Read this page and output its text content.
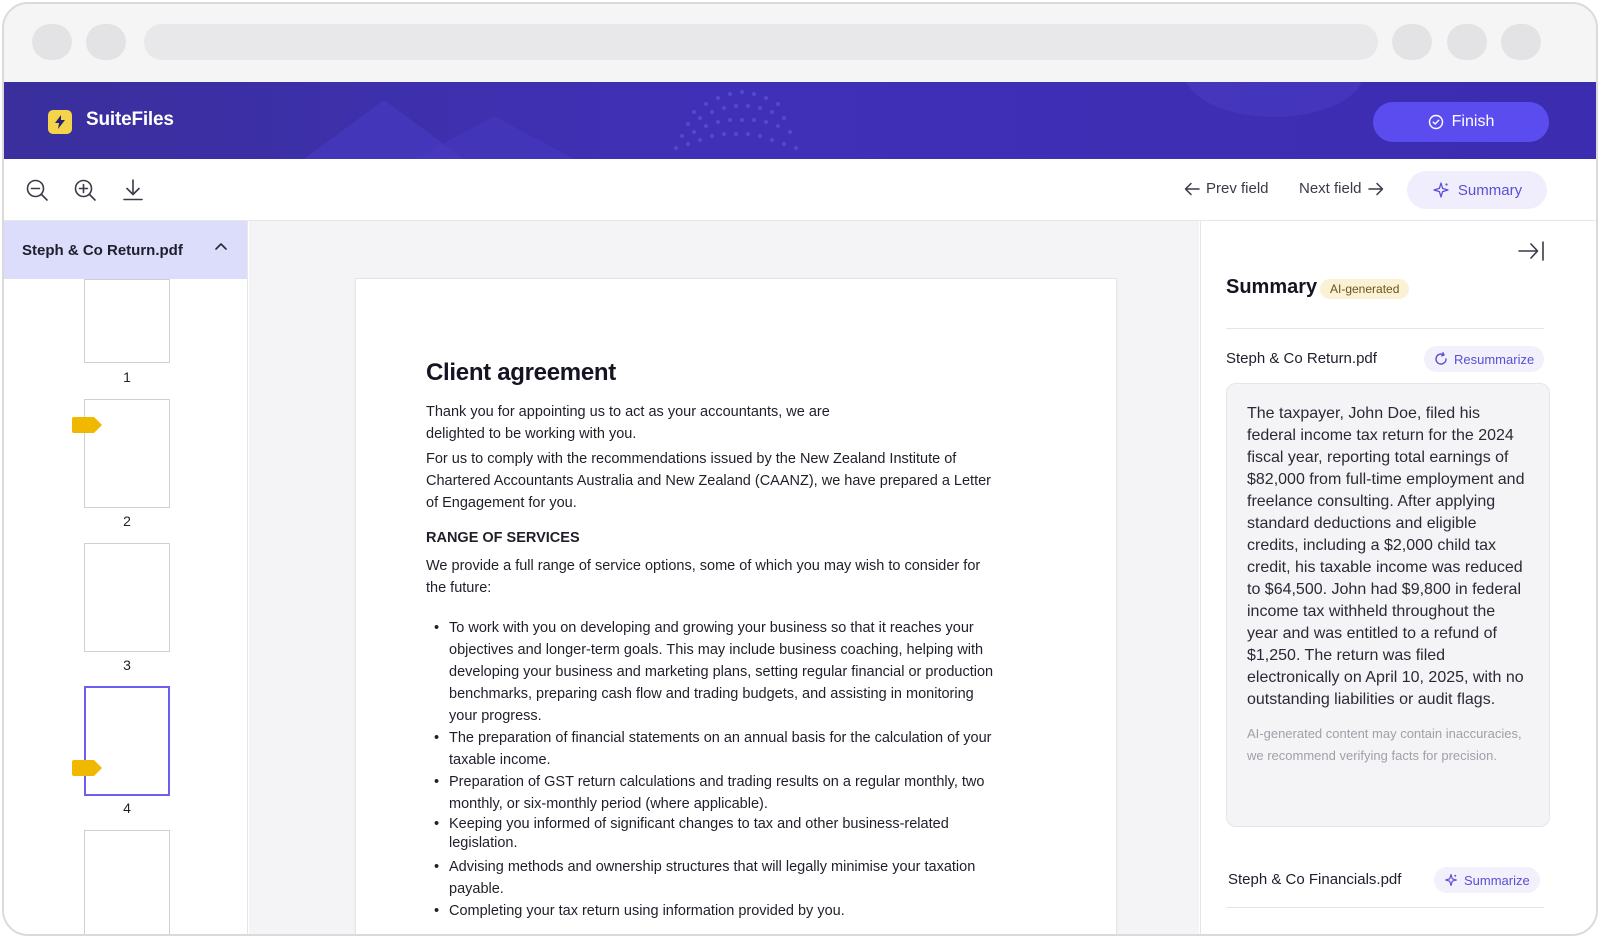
SuiteFiles	Finish
Prev field Next field	Summary
Steph & Co Return.pdf
1
2
3
4
Client agreement

Thank you for appointing us to act as your accountants, we are delighted to be working with you.

For us to comply with the recommendations issued by the New Zealand Institute of Chartered Accountants Australia and New Zealand (CAANZ), we have prepared a Letter of Engagement for you.

RANGE OF SERVICES

We provide a full range of service options, some of which you may wish to consider for the future:

• To work with you on developing and growing your business so that it reaches your objectives and longer-term goals. This may include business coaching, helping with developing your business and marketing plans, setting regular financial or production benchmarks, preparing cash flow and trading budgets, and assisting in monitoring your progress.
• The preparation of financial statements on an annual basis for the calculation of your taxable income.
• Preparation of GST return calculations and trading results on a regular monthly, two monthly, or six-monthly period (where applicable).
• Keeping you informed of significant changes to tax and other business-related legislation.
• Advising methods and ownership structures that will legally minimise your taxation payable.
• Completing your tax return using information provided by you.
Summary	AI-generated
Steph & Co Return.pdf	Resummarize

The taxpayer, John Doe, filed his federal income tax return for the 2024 fiscal year, reporting total earnings of $82,000 from full-time employment and freelance consulting. After applying standard deductions and eligible credits, including a $2,000 child tax credit, his taxable income was reduced to $64,500. John had $9,800 in federal income tax withheld throughout the year and was entitled to a refund of $1,250. The return was filed electronically on April 10, 2025, with no outstanding liabilities or audit flags.

AI-generated content may contain inaccuracies, we recommend verifying facts for precision.

Steph & Co Financials.pdf	Summarize
